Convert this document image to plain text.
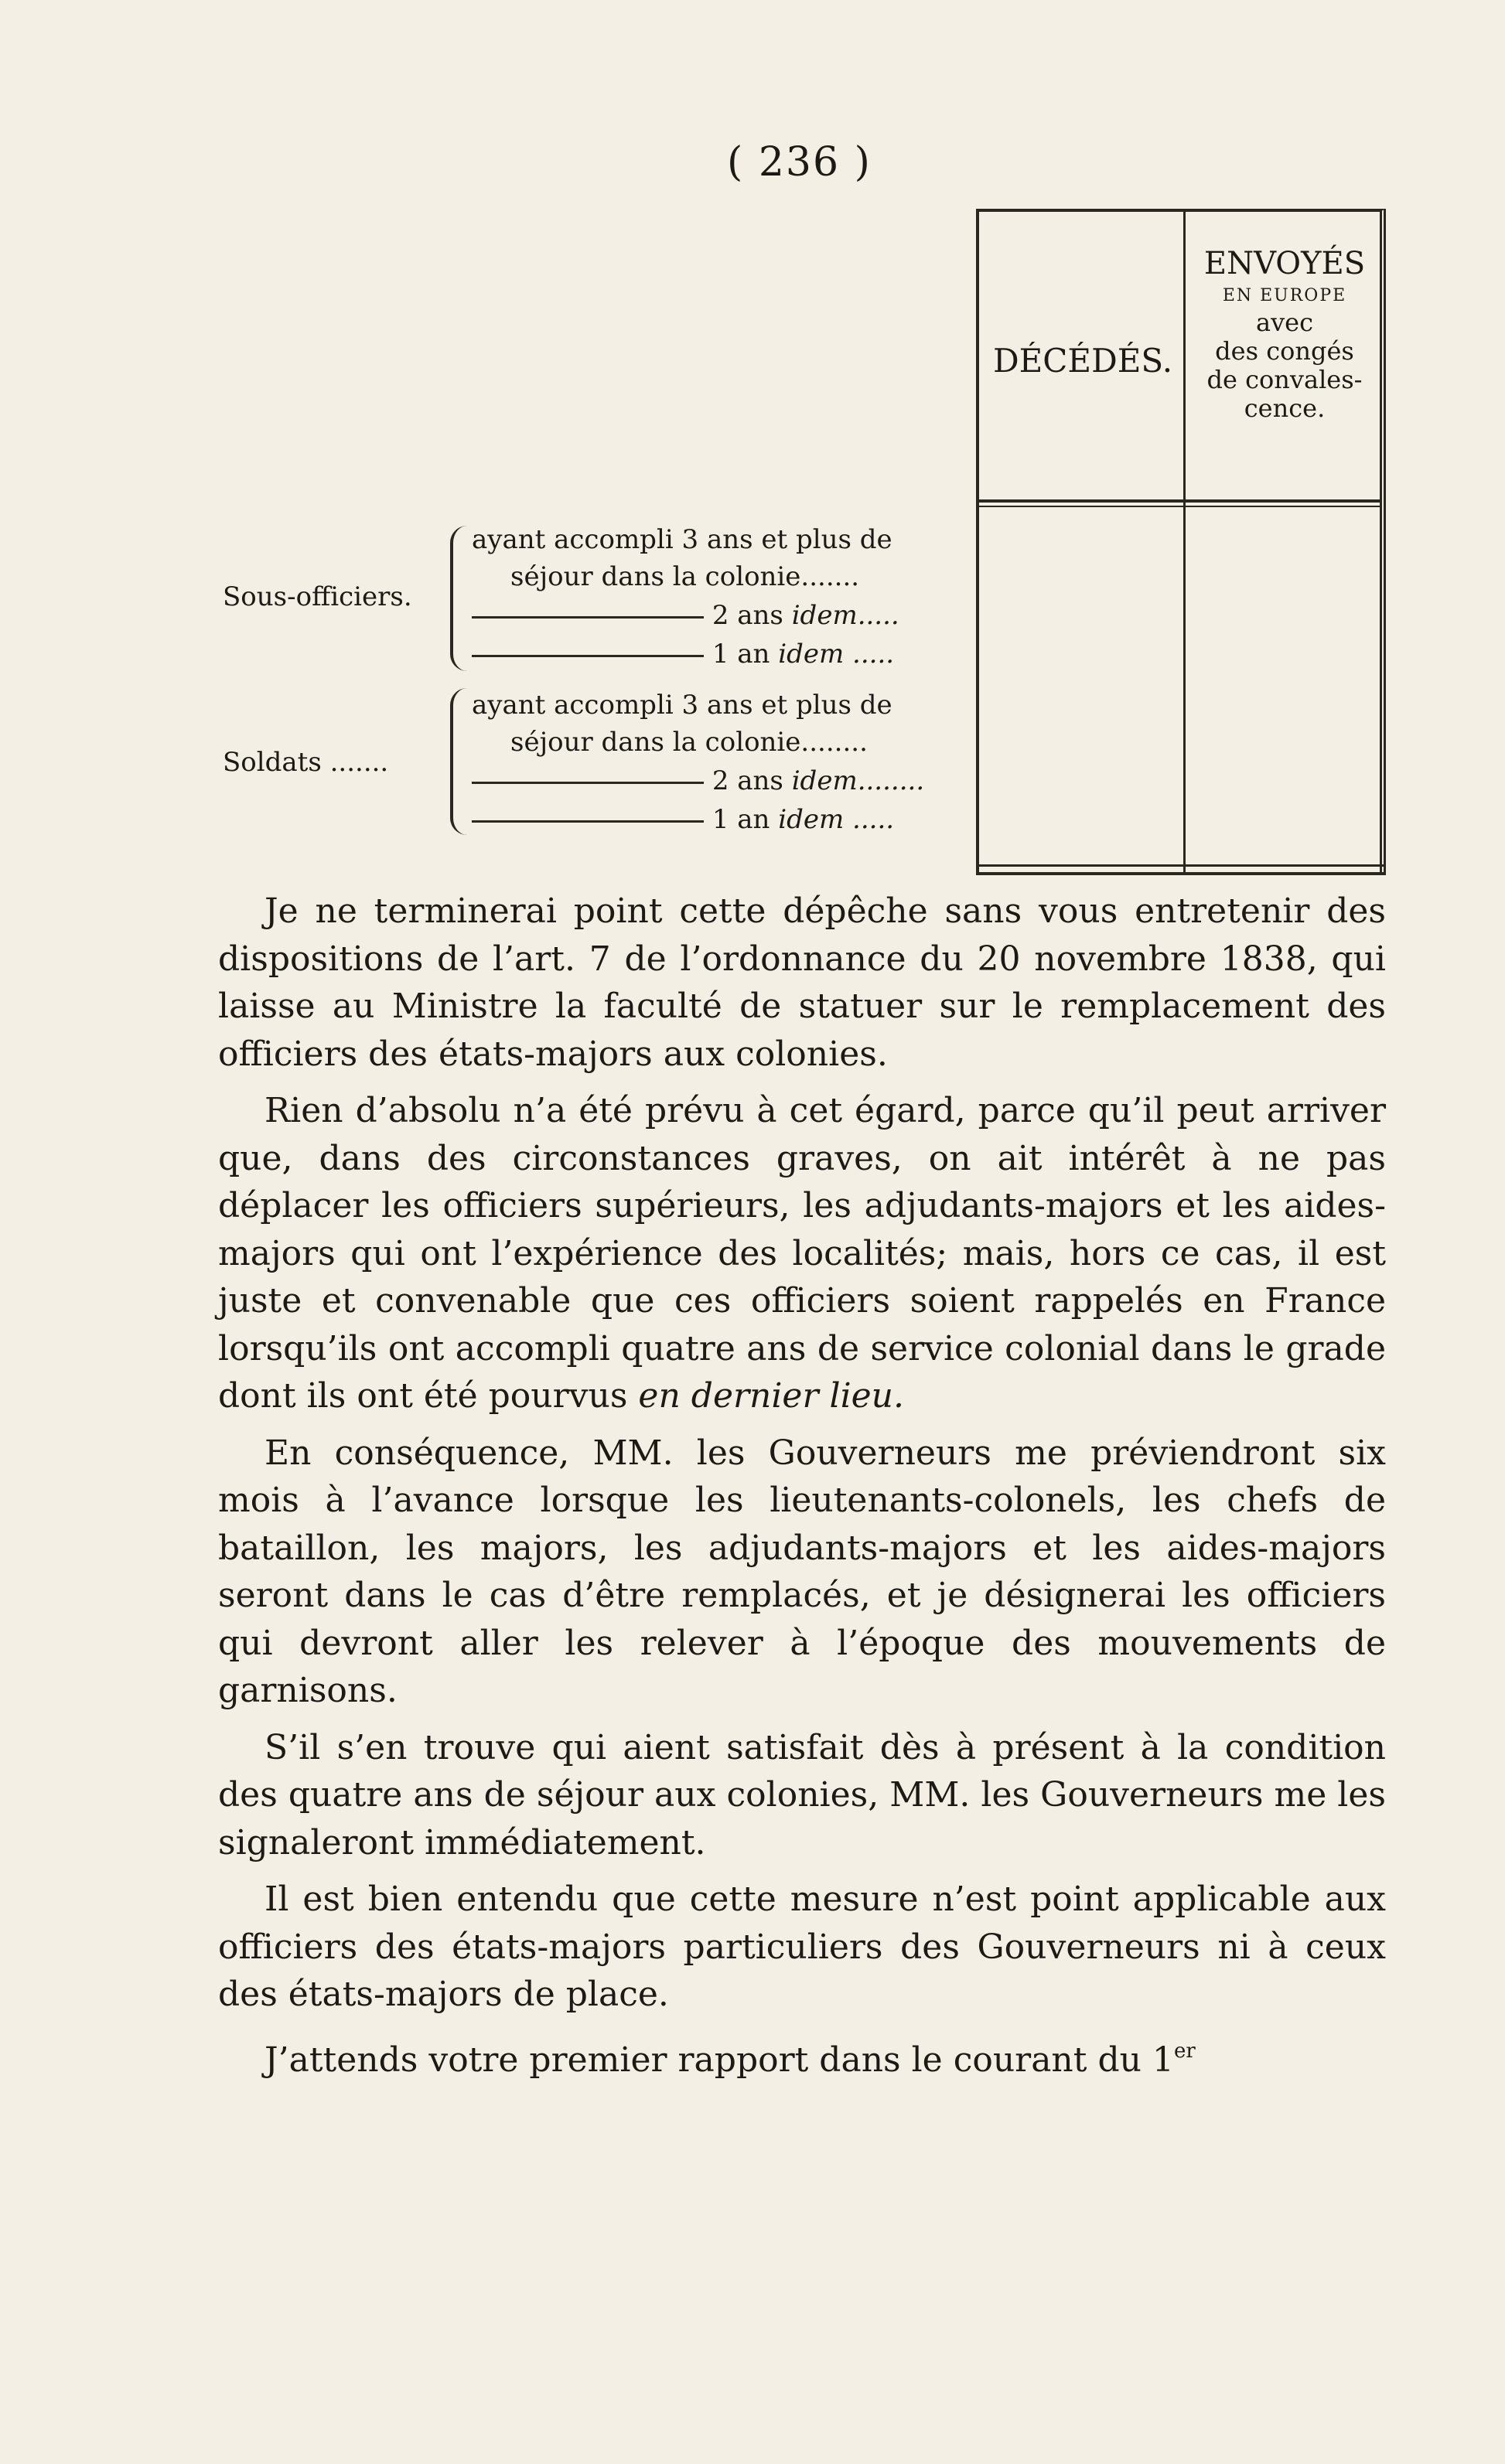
( 236 )
DÉCÉDÉS.
ENVOYÉS
EN EUROPE
avec
des congés
de convales-
cence.
Sous-officiers.
ayant accompli 3 ans et plus de
séjour dans la colonie.......
2 ans idem.....
1 an idem .....
Soldats .......
ayant accompli 3 ans et plus de
séjour dans la colonie........
2 ans idem........
1 an idem .....

Je ne terminerai point cette dépêche sans vous entretenir des dispositions de l’art. 7 de l’ordonnance du 20 novembre 1838, qui laisse au Ministre la faculté de statuer sur le remplacement des officiers des états-majors aux colonies.

Rien d’absolu n’a été prévu à cet égard, parce qu’il peut arriver que, dans des circonstances graves, on ait intérêt à ne pas déplacer les officiers supérieurs, les adjudants-majors et les aides-majors qui ont l’expérience des localités; mais, hors ce cas, il est juste et convenable que ces officiers soient rappelés en France lorsqu’ils ont accompli quatre ans de service colonial dans le grade dont ils ont été pourvus en dernier lieu.

En conséquence, MM. les Gouverneurs me préviendront six mois à l’avance lorsque les lieutenants-colonels, les chefs de bataillon, les majors, les adjudants-majors et les aides-majors seront dans le cas d’être remplacés, et je désignerai les officiers qui devront aller les relever à l’époque des mouvements de garnisons.

S’il s’en trouve qui aient satisfait dès à présent à la condition des quatre ans de séjour aux colonies, MM. les Gouverneurs me les signaleront immédiatement.

Il est bien entendu que cette mesure n’est point applicable aux officiers des états-majors particuliers des Gouverneurs ni à ceux des états-majors de place.

J’attends votre premier rapport dans le courant du 1er
